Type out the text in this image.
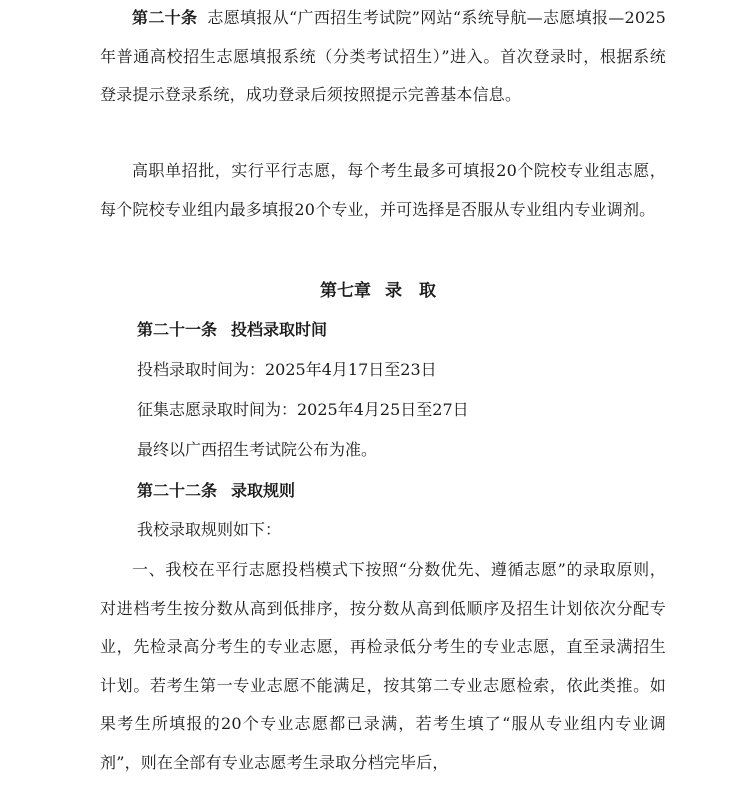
第二十条 志愿填报从“广西招生考试院”网站“系统导航—志愿填报—2025年普通高校招生志愿填报系统（分类考试招生）”进入。首次登录时，根据系统登录提示登录系统，成功登录后须按照提示完善基本信息。

高职单招批，实行平行志愿，每个考生最多可填报20个院校专业组志愿，每个院校专业组内最多填报20个专业，并可选择是否服从专业组内专业调剂。

第七章 录　取

第二十一条 投档录取时间

投档录取时间为：2025年4月17日至23日

征集志愿录取时间为：2025年4月25日至27日

最终以广西招生考试院公布为准。

第二十二条 录取规则

我校录取规则如下：

一、我校在平行志愿投档模式下按照“分数优先、遵循志愿”的录取原则，对进档考生按分数从高到低排序，按分数从高到低顺序及招生计划依次分配专业，先检录高分考生的专业志愿，再检录低分考生的专业志愿，直至录满招生计划。若考生第一专业志愿不能满足，按其第二专业志愿检索，依此类推。如果考生所填报的20个专业志愿都已录满，若考生填了“服从专业组内专业调剂”，则在全部有专业志愿考生录取分档完毕后，
